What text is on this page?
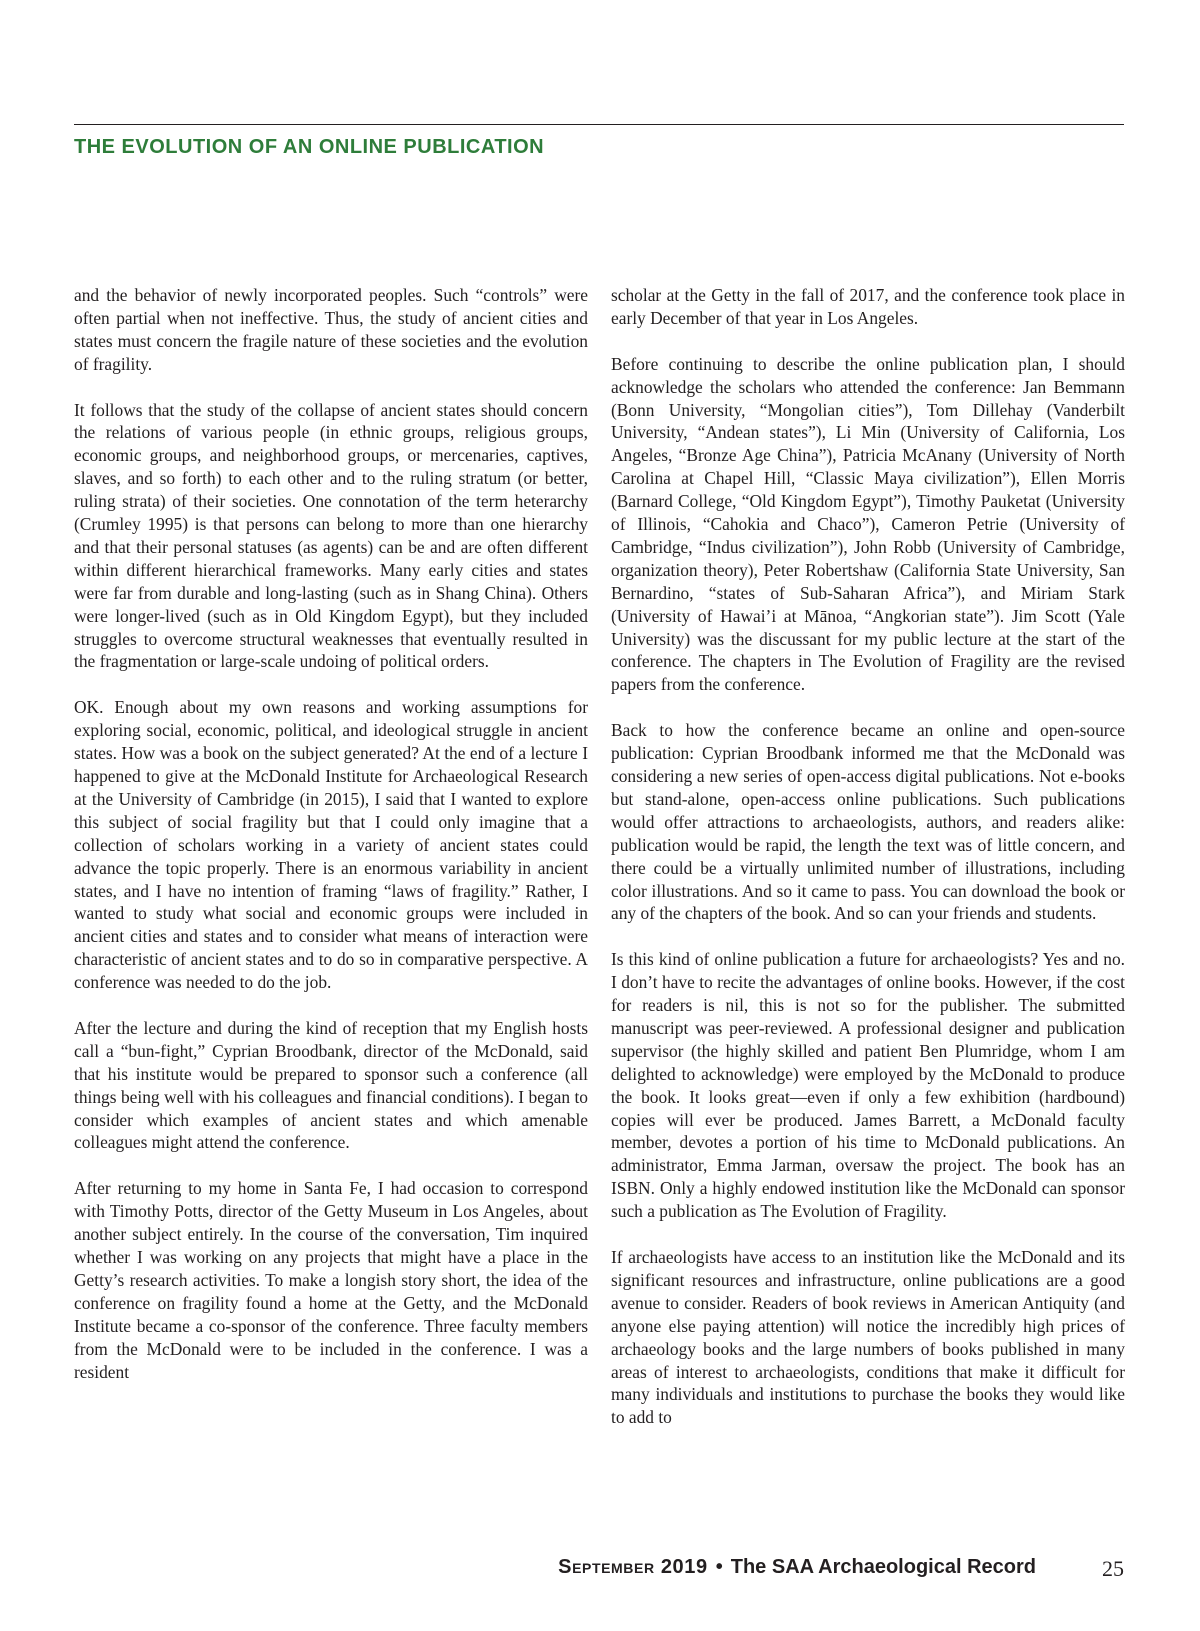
THE EVOLUTION OF AN ONLINE PUBLICATION

and the behavior of newly incorporated peoples. Such “controls” were often partial when not ineffective. Thus, the study of ancient cities and states must concern the fragile nature of these societies and the evolution of fragility.

It follows that the study of the collapse of ancient states should concern the relations of various people (in ethnic groups, religious groups, economic groups, and neighborhood groups, or mercenaries, captives, slaves, and so forth) to each other and to the ruling stratum (or better, ruling strata) of their societies. One connotation of the term heterarchy (Crumley 1995) is that persons can belong to more than one hierarchy and that their personal statuses (as agents) can be and are often different within different hierarchical frameworks. Many early cities and states were far from durable and long-lasting (such as in Shang China). Others were longer-lived (such as in Old Kingdom Egypt), but they included struggles to overcome structural weaknesses that eventually resulted in the fragmentation or large-scale undoing of political orders.

OK. Enough about my own reasons and working assumptions for exploring social, economic, political, and ideological struggle in ancient states. How was a book on the subject generated? At the end of a lecture I happened to give at the McDonald Institute for Archaeological Research at the University of Cambridge (in 2015), I said that I wanted to explore this subject of social fragility but that I could only imagine that a collection of scholars working in a variety of ancient states could advance the topic properly. There is an enormous variability in ancient states, and I have no intention of framing “laws of fragility.” Rather, I wanted to study what social and economic groups were included in ancient cities and states and to consider what means of interaction were characteristic of ancient states and to do so in comparative perspective. A conference was needed to do the job.

After the lecture and during the kind of reception that my English hosts call a “bun-fight,” Cyprian Broodbank, director of the McDonald, said that his institute would be prepared to sponsor such a conference (all things being well with his colleagues and financial conditions). I began to consider which examples of ancient states and which amenable colleagues might attend the conference.

After returning to my home in Santa Fe, I had occasion to correspond with Timothy Potts, director of the Getty Museum in Los Angeles, about another subject entirely. In the course of the conversation, Tim inquired whether I was working on any projects that might have a place in the Getty’s research activities. To make a longish story short, the idea of the conference on fragility found a home at the Getty, and the McDonald Institute became a co-sponsor of the conference. Three faculty members from the McDonald were to be included in the conference. I was a resident

scholar at the Getty in the fall of 2017, and the conference took place in early December of that year in Los Angeles.

Before continuing to describe the online publication plan, I should acknowledge the scholars who attended the conference: Jan Bemmann (Bonn University, “Mongolian cities”), Tom Dillehay (Vanderbilt University, “Andean states”), Li Min (University of California, Los Angeles, “Bronze Age China”), Patricia McAnany (University of North Carolina at Chapel Hill, “Classic Maya civilization”), Ellen Morris (Barnard College, “Old Kingdom Egypt”), Timothy Pauketat (University of Illinois, “Cahokia and Chaco”), Cameron Petrie (University of Cambridge, “Indus civilization”), John Robb (University of Cambridge, organization theory), Peter Robertshaw (California State University, San Bernardino, “states of Sub-Saharan Africa”), and Miriam Stark (University of Hawai’i at Mānoa, “Angkorian state”). Jim Scott (Yale University) was the discussant for my public lecture at the start of the conference. The chapters in The Evolution of Fragility are the revised papers from the conference.

Back to how the conference became an online and open-source publication: Cyprian Broodbank informed me that the McDonald was considering a new series of open-access digital publications. Not e-books but stand-alone, open-access online publications. Such publications would offer attractions to archaeologists, authors, and readers alike: publication would be rapid, the length the text was of little concern, and there could be a virtually unlimited number of illustrations, including color illustrations. And so it came to pass. You can download the book or any of the chapters of the book. And so can your friends and students.

Is this kind of online publication a future for archaeologists? Yes and no. I don’t have to recite the advantages of online books. However, if the cost for readers is nil, this is not so for the publisher. The submitted manuscript was peer-reviewed. A professional designer and publication supervisor (the highly skilled and patient Ben Plumridge, whom I am delighted to acknowledge) were employed by the McDonald to produce the book. It looks great—even if only a few exhibition (hardbound) copies will ever be produced. James Barrett, a McDonald faculty member, devotes a portion of his time to McDonald publications. An administrator, Emma Jarman, oversaw the project. The book has an ISBN. Only a highly endowed institution like the McDonald can sponsor such a publication as The Evolution of Fragility.

If archaeologists have access to an institution like the McDonald and its significant resources and infrastructure, online publications are a good avenue to consider. Readers of book reviews in American Antiquity (and anyone else paying attention) will notice the incredibly high prices of archaeology books and the large numbers of books published in many areas of interest to archaeologists, conditions that make it difficult for many individuals and institutions to purchase the books they would like to add to

September 2019 • The SAA Archaeological Record	25
